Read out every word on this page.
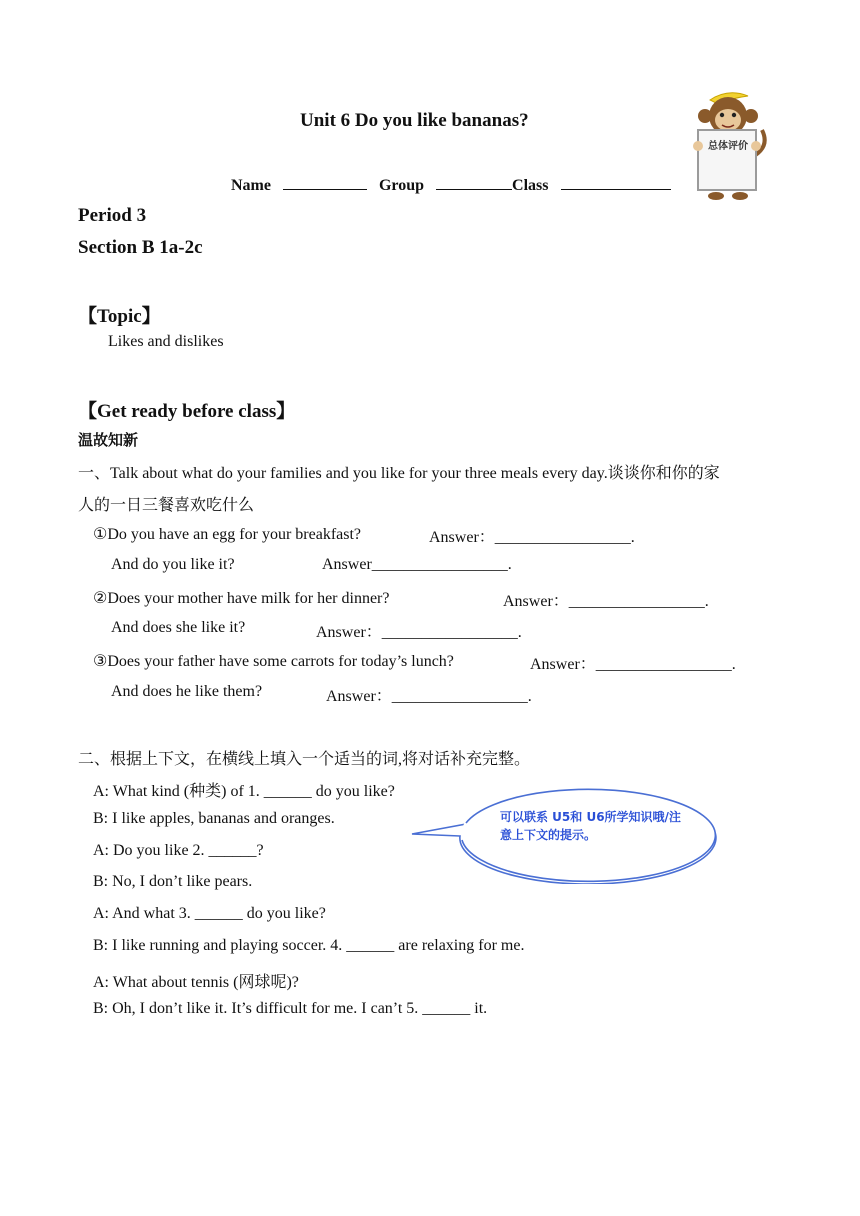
Unit 6 Do you like bananas?
Name	Group	Class
总体评价
Period 3
Section B 1a-2c
【Topic】
Likes and dislikes
【Get ready before class】
温故知新
一、Talk about what do your families and you like for your three meals every day.谈谈你和你的家
人的一日三餐喜欢吃什么
①Do you have an egg for your breakfast?	Answer：_________________.
And do you like it?	Answer_________________.
②Does your mother have milk for her dinner?	Answer：_________________.
And does she like it?	Answer：_________________.
③Does your father have some carrots for today’s lunch?	Answer：_________________.
And does he like them?	Answer：_________________.
二、根据上下文，在横线上填入一个适当的词,将对话补充完整。
A: What kind (种类) of 1. ______ do you like?
B: I like apples, bananas and oranges.
A: Do you like 2. ______?
B: No, I don’t like pears.
A: And what 3. ______ do you like?
B: I like running and playing soccer. 4. ______ are relaxing for me.
A: What about tennis (网球呢)?
B: Oh, I don’t like it. It’s difficult for me. I can’t 5. ______ it.
可以联系 U5和 U6所学知识哦/注意上下文的提示。
